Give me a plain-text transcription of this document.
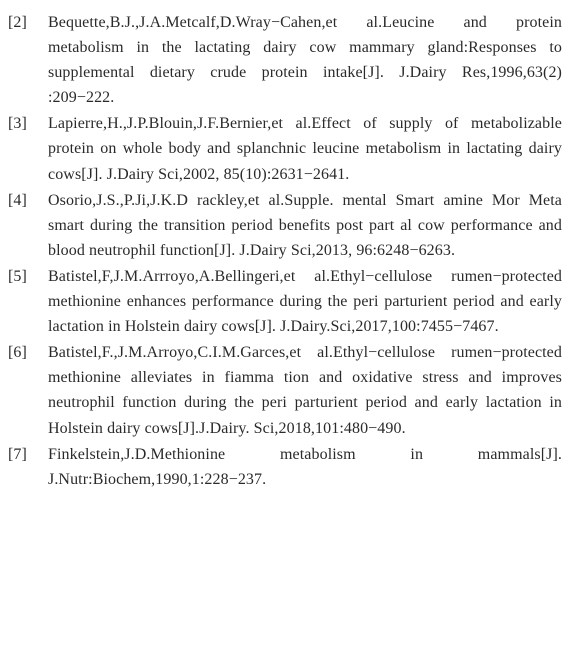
[2]	Bequette,B.J.,J.A.Metcalf,D.Wray−Cahen,et al.Leucine and protein metabolism in the lactating dairy cow mammary gland:Responses to supplemental dietary crude protein intake[J]. J.Dairy Res,1996,63(2) :209−222.
[3]	Lapierre,H.,J.P.Blouin,J.F.Bernier,et al.Effect of supply of metabolizable protein on whole body and splanchnic leucine metabolism in lactating dairy cows[J]. J.Dairy Sci,2002, 85(10):2631−2641.
[4]	Osorio,J.S.,P.Ji,J.K.D rackley,et al.Supple. mental Smart amine Mor Meta smart during the transition period benefits post part al cow performance and blood neutrophil function[J]. J.Dairy Sci,2013, 96:6248−6263.
[5]	Batistel,F,J.M.Arrroyo,A.Bellingeri,et al.Ethyl−cellulose rumen−protected methionine enhances performance during the peri parturient period and early lactation in Holstein dairy cows[J]. J.Dairy.Sci,2017,100:7455−7467.
[6]	Batistel,F.,J.M.Arroyo,C.I.M.Garces,et al.Ethyl−cellulose rumen−protected methionine alleviates in fiamma tion and oxidative stress and improves neutrophil function during the peri parturient period and early lactation in Holstein dairy cows[J].J.Dairy. Sci,2018,101:480−490.
[7]	Finkelstein,J.D.Methionine metabolism in mammals[J]. J.Nutr:Biochem,1990,1:228−237.
